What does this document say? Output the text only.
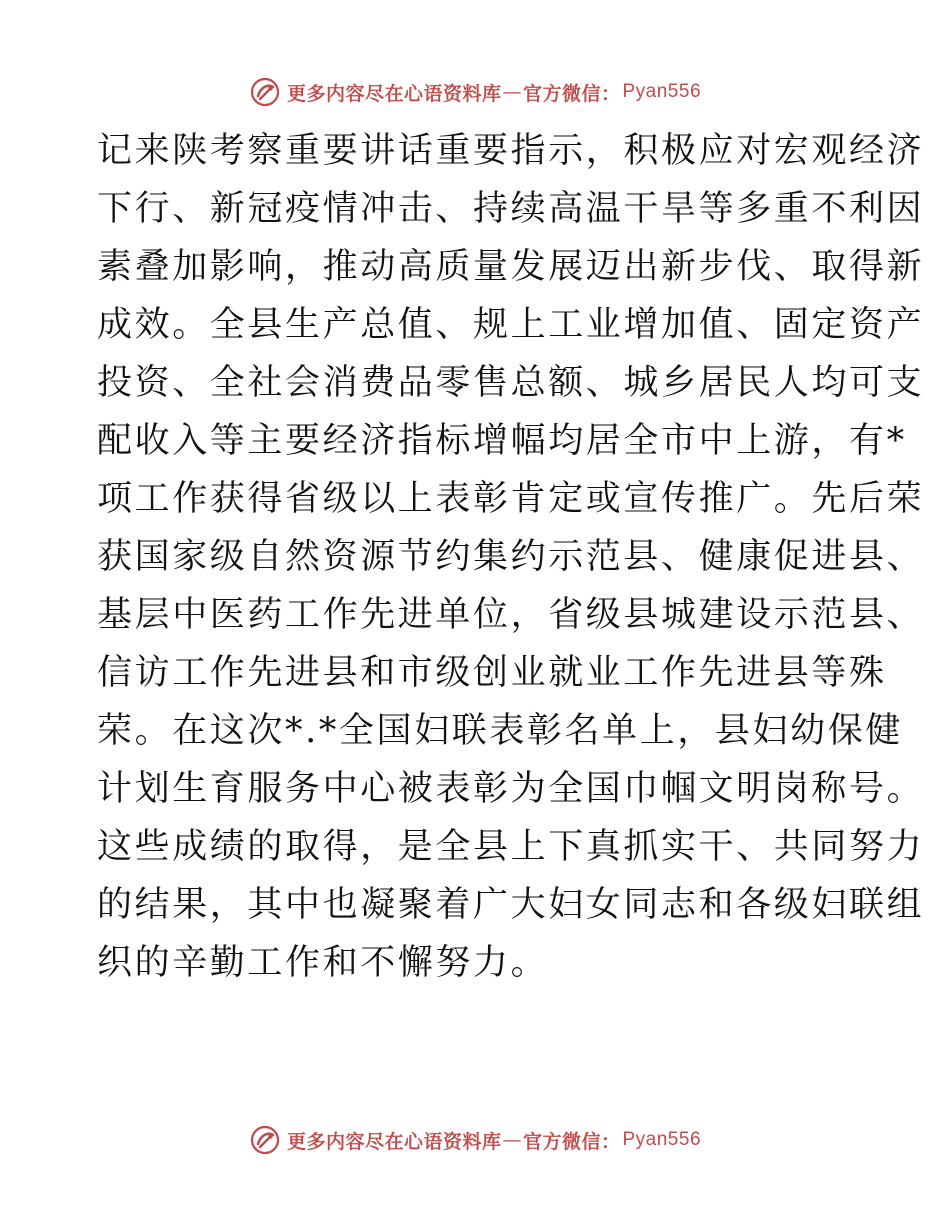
更多内容尽在心语资料库 — 官方微信： Pyan556
记来陕考察重要讲话重要指示，积极应对宏观经济
下行、新冠疫情冲击、持续高温干旱等多重不利因
素叠加影响，推动高质量发展迈出新步伐、取得新
成效。全县生产总值、规上工业增加值、固定资产
投资、全社会消费品零售总额、城乡居民人均可支
配收入等主要经济指标增幅均居全市中上游，有*
项工作获得省级以上表彰肯定或宣传推广。先后荣
获国家级自然资源节约集约示范县、健康促进县、
基层中医药工作先进单位，省级县城建设示范县、
信访工作先进县和市级创业就业工作先进县等殊
荣。在这次*.*全国妇联表彰名单上，县妇幼保健
计划生育服务中心被表彰为全国巾帼文明岗称号。
这些成绩的取得，是全县上下真抓实干、共同努力
的结果，其中也凝聚着广大妇女同志和各级妇联组
织的辛勤工作和不懈努力。
更多内容尽在心语资料库 — 官方微信： Pyan556
